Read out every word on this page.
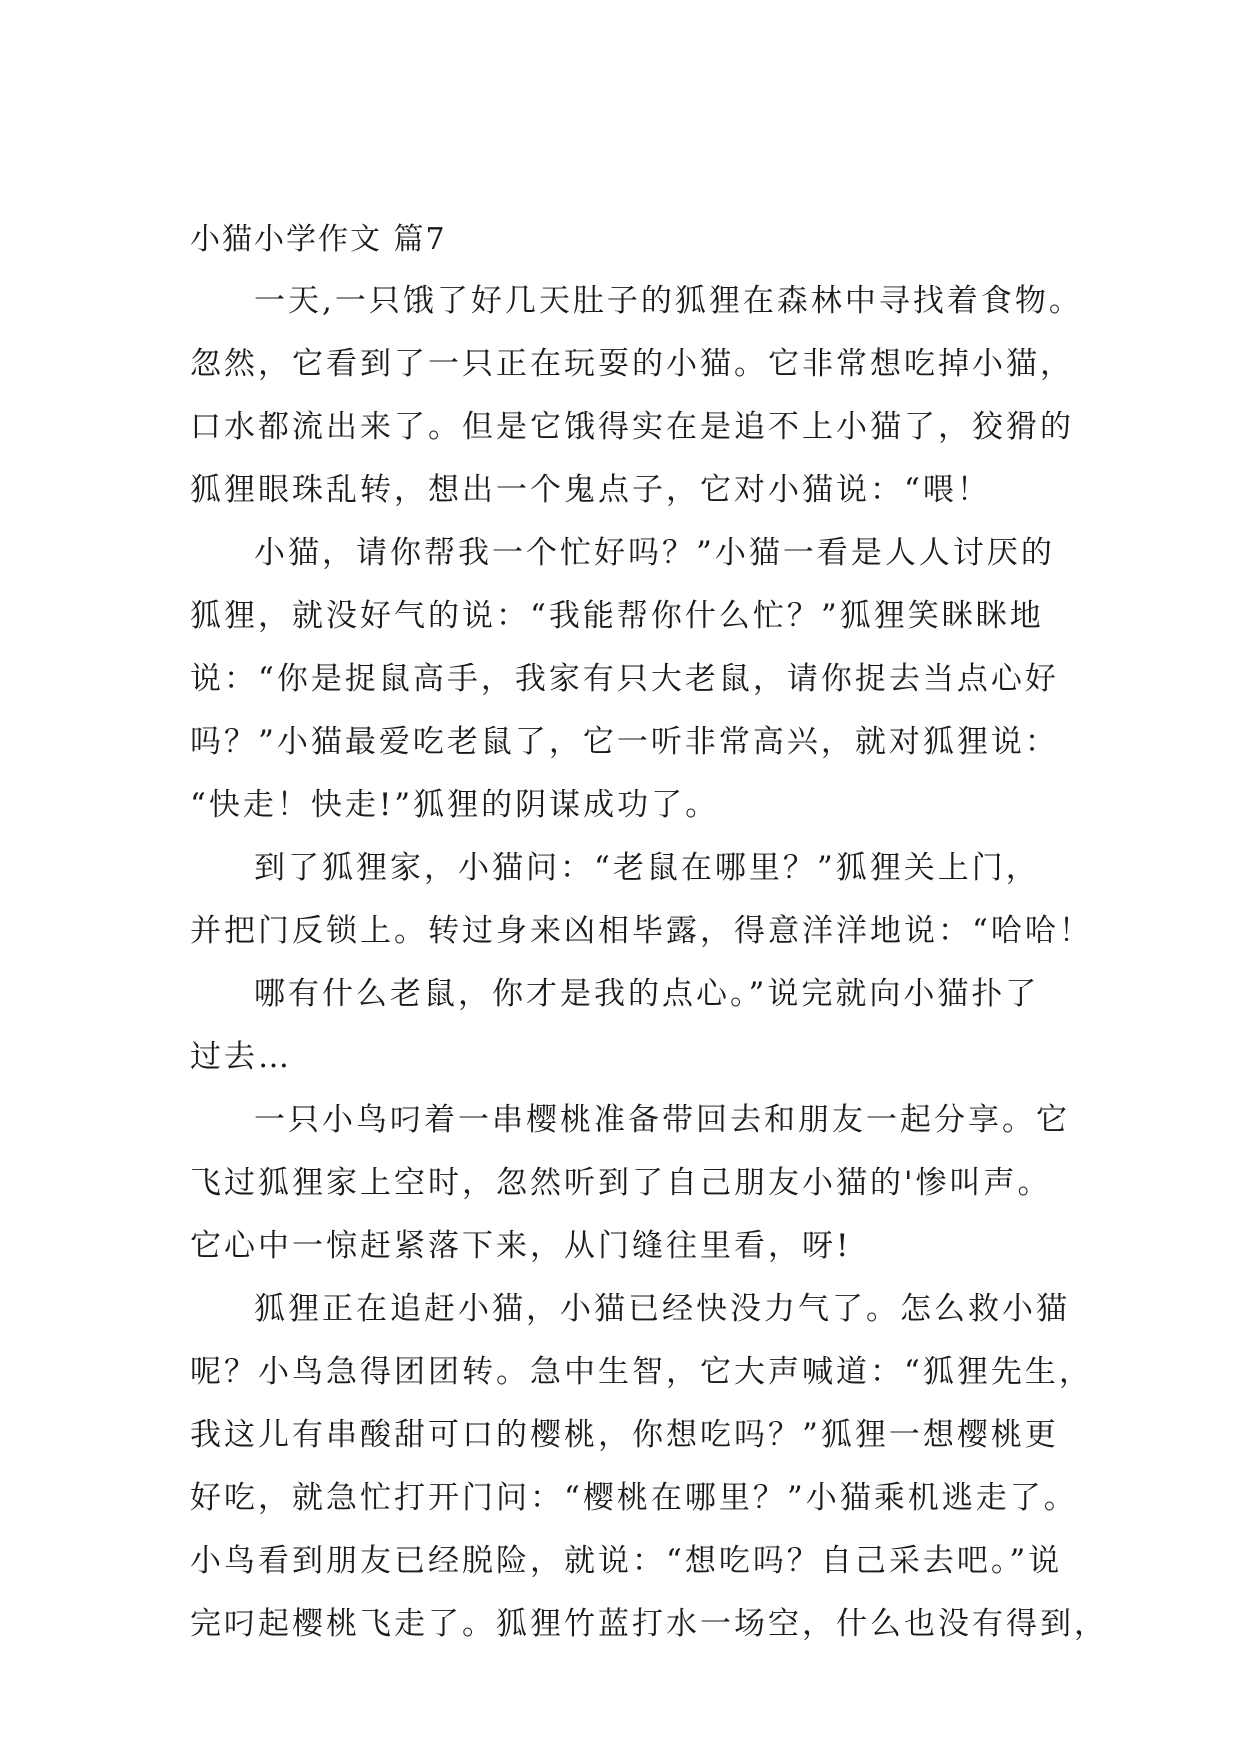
小猫小学作文 篇7
一天,一只饿了好几天肚子的狐狸在森林中寻找着食物。
忽然，它看到了一只正在玩耍的小猫。它非常想吃掉小猫，
口水都流出来了。但是它饿得实在是追不上小猫了，狡猾的
狐狸眼珠乱转，想出一个鬼点子，它对小猫说：“喂！
小猫，请你帮我一个忙好吗？”小猫一看是人人讨厌的
狐狸，就没好气的说：“我能帮你什么忙？”狐狸笑眯眯地
说：“你是捉鼠高手，我家有只大老鼠，请你捉去当点心好
吗？”小猫最爱吃老鼠了，它一听非常高兴，就对狐狸说：
“快走！快走!”狐狸的阴谋成功了。
到了狐狸家，小猫问：“老鼠在哪里？”狐狸关上门，
并把门反锁上。转过身来凶相毕露，得意洋洋地说：“哈哈！
哪有什么老鼠，你才是我的点心。”说完就向小猫扑了
过去…
一只小鸟叼着一串樱桃准备带回去和朋友一起分享。它
飞过狐狸家上空时，忽然听到了自己朋友小猫的'惨叫声。
它心中一惊赶紧落下来，从门缝往里看，呀!
狐狸正在追赶小猫，小猫已经快没力气了。怎么救小猫
呢？小鸟急得团团转。急中生智，它大声喊道：“狐狸先生，
我这儿有串酸甜可口的樱桃，你想吃吗？”狐狸一想樱桃更
好吃，就急忙打开门问：“樱桃在哪里？”小猫乘机逃走了。
小鸟看到朋友已经脱险，就说：“想吃吗？自己采去吧。”说
完叼起樱桃飞走了。狐狸竹蓝打水一场空，什么也没有得到，
